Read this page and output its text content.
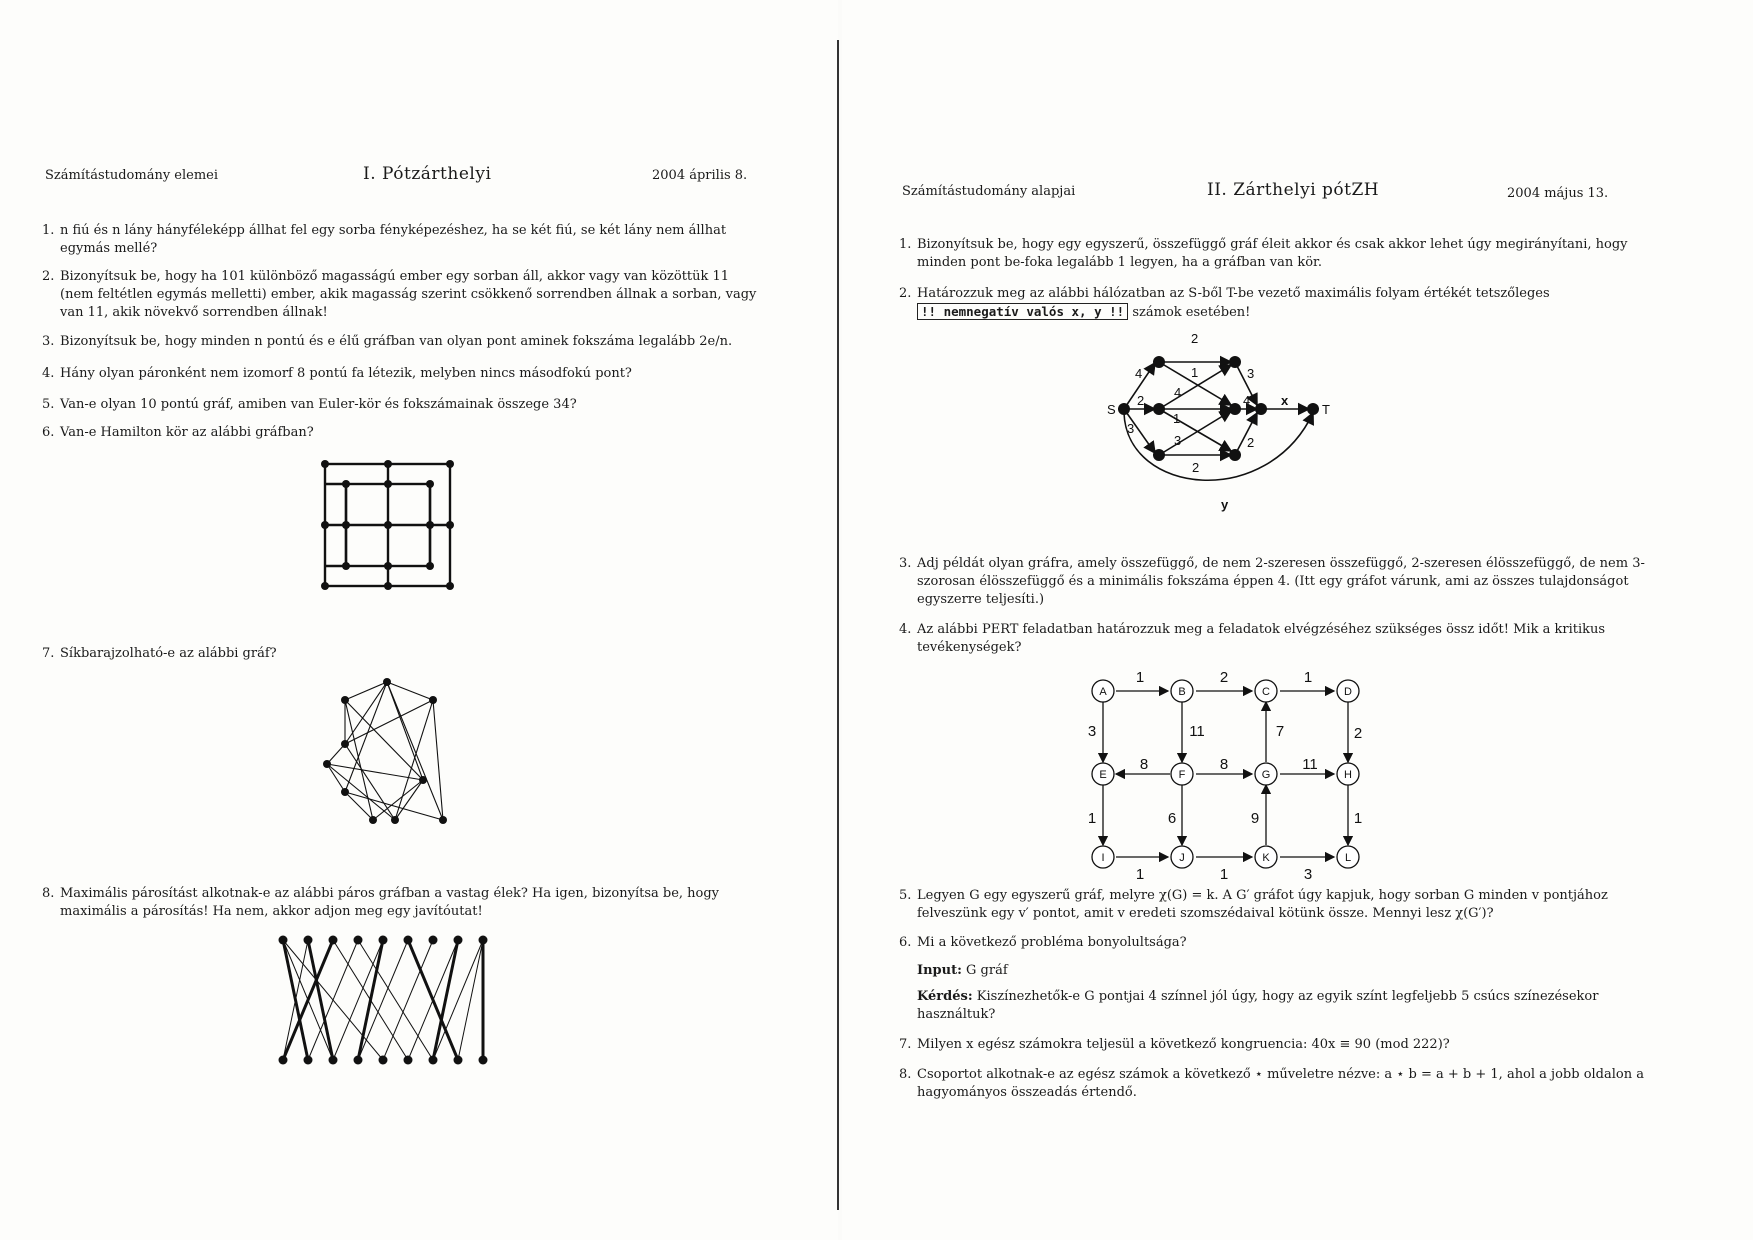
Számítástudomány elemei	I. Pótzárthelyi	2004 április 8.
1. n fiú és n lány hányféleképp állhat fel egy sorba fényképezéshez, ha se két fiú, se két lány nem állhat egymás mellé?
2. Bizonyítsuk be, hogy ha 101 különböző magasságú ember egy sorban áll, akkor vagy van közöttük 11 (nem feltétlen egymás melletti) ember, akik magasság szerint csökkenő sorrendben állnak a sorban, vagy van 11, akik növekvő sorrendben állnak!
3. Bizonyítsuk be, hogy minden n pontú és e élű gráfban van olyan pont aminek fokszáma legalább 2e/n.
4. Hány olyan páronként nem izomorf 8 pontú fa létezik, melyben nincs másodfokú pont?
5. Van-e olyan 10 pontú gráf, amiben van Euler-kör és fokszámainak összege 34?
6. Van-e Hamilton kör az alábbi gráfban?
7. Síkbarajzolható-e az alábbi gráf?
8. Maximális párosítást alkotnak-e az alábbi páros gráfban a vastag élek? Ha igen, bizonyítsa be, hogy maximális a párosítás! Ha nem, akkor adjon meg egy javítóutat!
Számítástudomány alapjai	II. Zárthelyi pótZH	2004 május 13.
1. Bizonyítsuk be, hogy egy egyszerű, összefüggő gráf éleit akkor és csak akkor lehet úgy megirányítani, hogy minden pont be-foka legalább 1 legyen, ha a gráfban van kör.
2. Határozzuk meg az alábbi hálózatban az S-ből T-be vezető maximális folyam értékét tetszőleges
!! nemnegatív valós x, y !! számok esetében!
S	T
4
2
3
1
4
1
3
2
3
4
2
2
x
y
3. Adj példát olyan gráfra, amely összefüggő, de nem 2-szeresen összefüggő, 2-szeresen élösszefüggő, de nem 3-szorosan élösszefüggő és a minimális fokszáma éppen 4. (Itt egy gráfot várunk, ami az összes tulajdonságot egyszerre teljesíti.)
4. Az alábbi PERT feladatban határozzuk meg a feladatok elvégzéséhez szükséges össz időt! Mik a kritikus tevékenységek?
A	B	C	D
E	F	G	H
I	J	K	L
1	2	1
3	11	7	2
8	8	11
1	6	9	1
1	1	3
5. Legyen G egy egyszerű gráf, melyre χ(G) = k. A G′ gráfot úgy kapjuk, hogy sorban G minden v pontjához felveszünk egy v′ pontot, amit v eredeti szomszédaival kötünk össze. Mennyi lesz χ(G′)?
6. Mi a következő probléma bonyolultsága?
Input: G gráf
Kérdés: Kiszínezhetők-e G pontjai 4 színnel jól úgy, hogy az egyik színt legfeljebb 5 csúcs színezésekor használtuk?
7. Milyen x egész számokra teljesül a következő kongruencia: 40x ≡ 90 (mod 222)?
8. Csoportot alkotnak-e az egész számok a következő ⋆ műveletre nézve: a ⋆ b = a + b + 1, ahol a jobb oldalon a hagyományos összeadás értendő.
